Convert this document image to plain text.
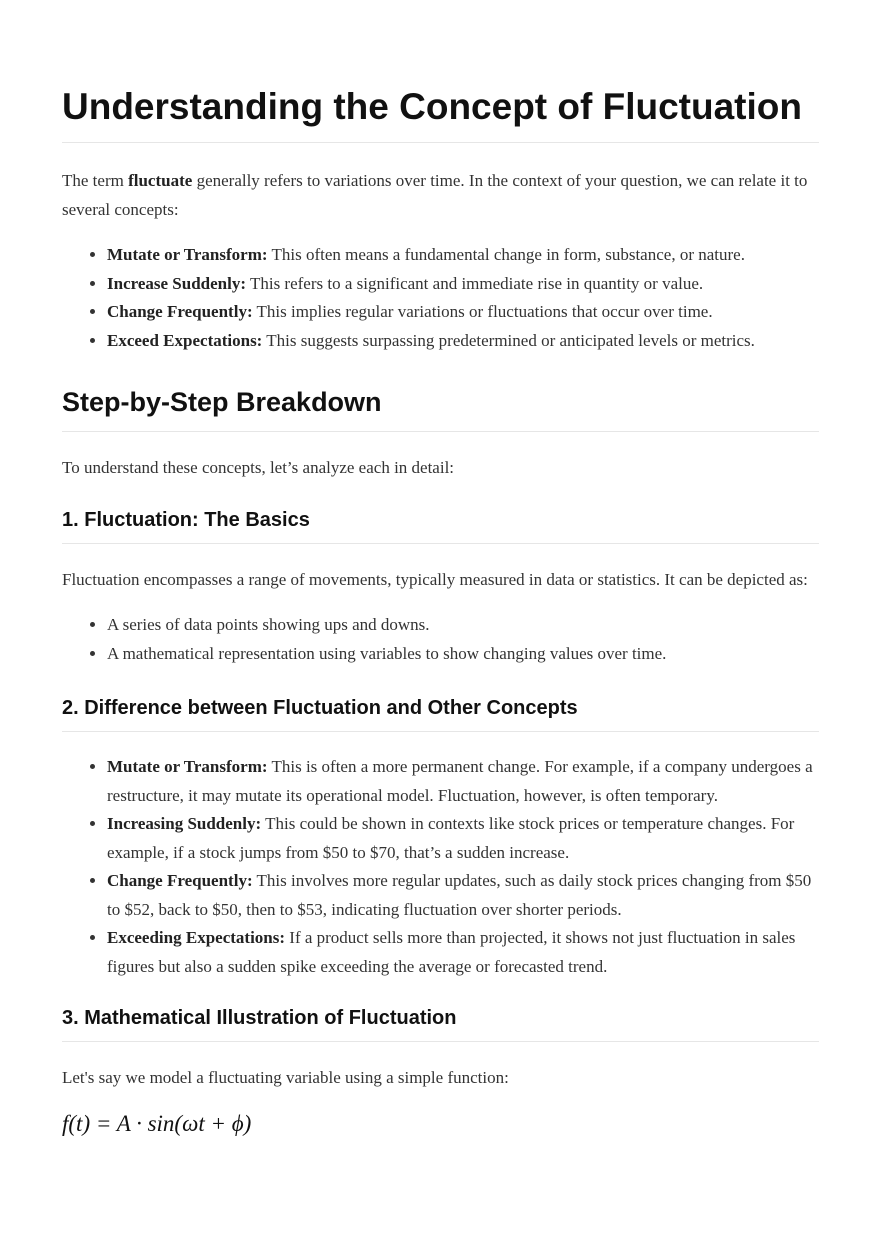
Understanding the Concept of Fluctuation

The term fluctuate generally refers to variations over time. In the context of your question, we can relate it to several concepts:

• Mutate or Transform: This often means a fundamental change in form, substance, or nature.
• Increase Suddenly: This refers to a significant and immediate rise in quantity or value.
• Change Frequently: This implies regular variations or fluctuations that occur over time.
• Exceed Expectations: This suggests surpassing predetermined or anticipated levels or metrics.
Step-by-Step Breakdown

To understand these concepts, let’s analyze each in detail:

1. Fluctuation: The Basics

Fluctuation encompasses a range of movements, typically measured in data or statistics. It can be depicted as:

• A series of data points showing ups and downs.
• A mathematical representation using variables to show changing values over time.
2. Difference between Fluctuation and Other Concepts
• Mutate or Transform: This is often a more permanent change. For example, if a company undergoes a restructure, it may mutate its operational model. Fluctuation, however, is often temporary.
• Increasing Suddenly: This could be shown in contexts like stock prices or temperature changes. For example, if a stock jumps from $50 to $70, that’s a sudden increase.
• Change Frequently: This involves more regular updates, such as daily stock prices changing from $50 to $52, back to $50, then to $53, indicating fluctuation over shorter periods.
• Exceeding Expectations: If a product sells more than projected, it shows not just fluctuation in sales figures but also a sudden spike exceeding the average or forecasted trend.
3. Mathematical Illustration of Fluctuation

Let's say we model a fluctuating variable using a simple function:

f(t) = A · sin(ωt + ϕ)
